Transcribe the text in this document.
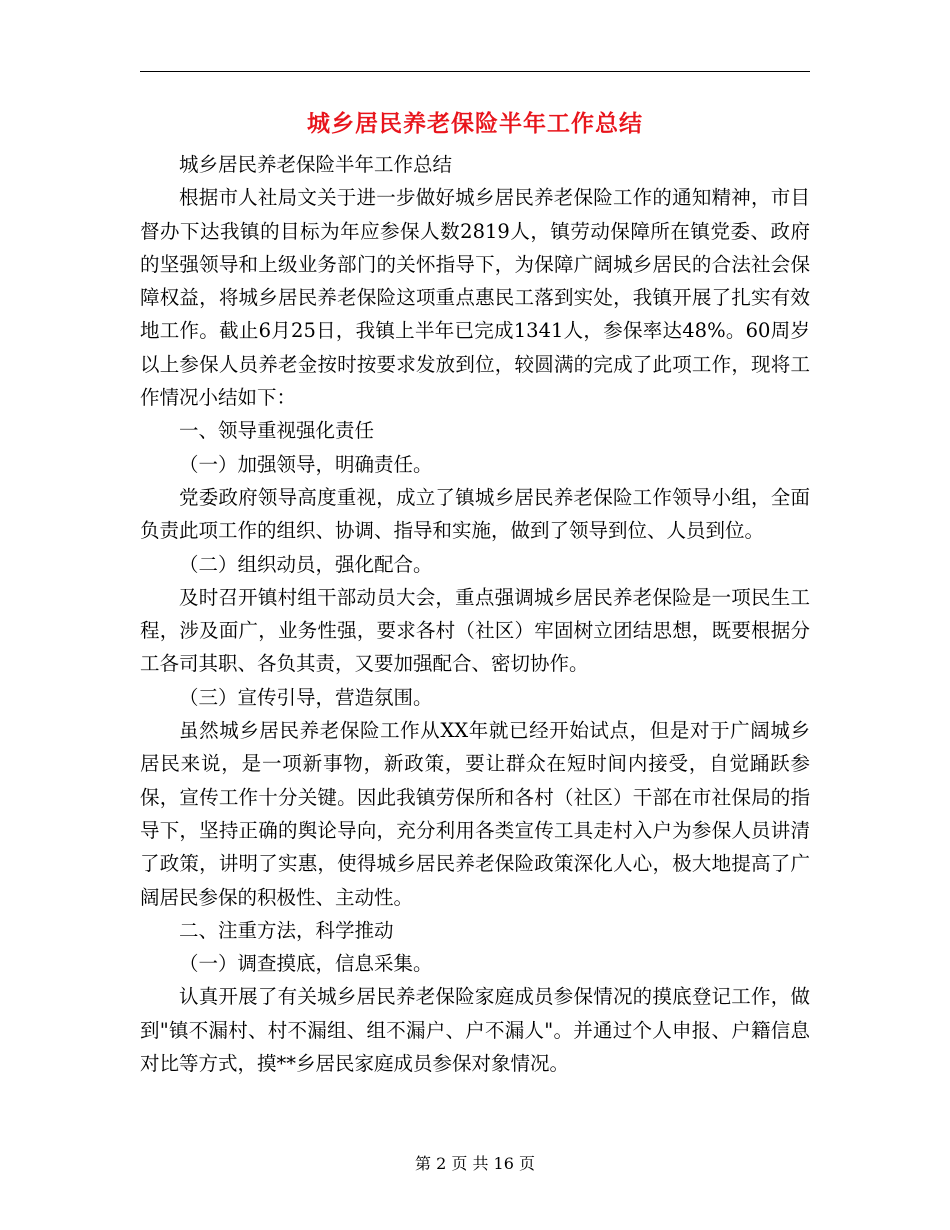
城乡居民养老保险半年工作总结

城乡居民养老保险半年工作总结

根据市人社局文关于进一步做好城乡居民养老保险工作的通知精神，市目督办下达我镇的目标为年应参保人数2819人，镇劳动保障所在镇党委、政府的坚强领导和上级业务部门的关怀指导下，为保障广阔城乡居民的合法社会保障权益，将城乡居民养老保险这项重点惠民工落到实处，我镇开展了扎实有效地工作。截止6月25日，我镇上半年已完成1341人，参保率达48%。60周岁以上参保人员养老金按时按要求发放到位，较圆满的完成了此项工作，现将工作情况小结如下：

一、领导重视强化责任

（一）加强领导，明确责任。

党委政府领导高度重视，成立了镇城乡居民养老保险工作领导小组，全面负责此项工作的组织、协调、指导和实施，做到了领导到位、人员到位。

（二）组织动员，强化配合。

及时召开镇村组干部动员大会，重点强调城乡居民养老保险是一项民生工程，涉及面广，业务性强，要求各村（社区）牢固树立团结思想，既要根据分工各司其职、各负其责，又要加强配合、密切协作。

（三）宣传引导，营造氛围。

虽然城乡居民养老保险工作从XX年就已经开始试点，但是对于广阔城乡居民来说，是一项新事物，新政策，要让群众在短时间内接受，自觉踊跃参保，宣传工作十分关键。因此我镇劳保所和各村（社区）干部在市社保局的指导下，坚持正确的舆论导向，充分利用各类宣传工具走村入户为参保人员讲清了政策，讲明了实惠，使得城乡居民养老保险政策深化人心，极大地提高了广阔居民参保的积极性、主动性。

二、注重方法，科学推动

（一）调查摸底，信息采集。

认真开展了有关城乡居民养老保险家庭成员参保情况的摸底登记工作，做到"镇不漏村、村不漏组、组不漏户、户不漏人"。并通过个人申报、户籍信息对比等方式，摸**乡居民家庭成员参保对象情况。

第 2 页 共 16 页
